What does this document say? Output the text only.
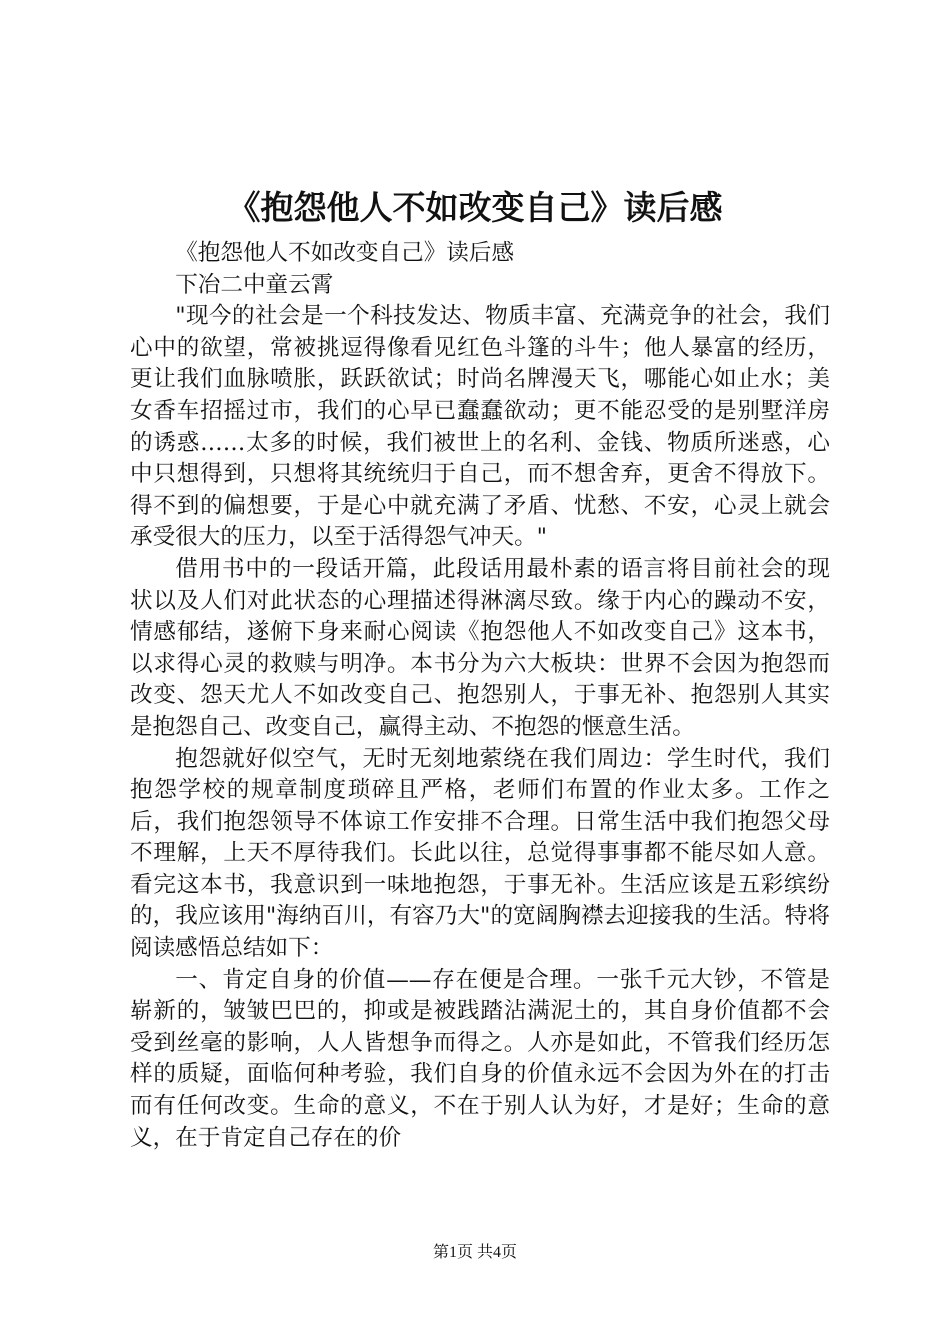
《抱怨他人不如改变自己》读后感

《抱怨他人不如改变自己》读后感

下冶二中童云霄

"现今的社会是一个科技发达、物质丰富、充满竞争的社会，我们心中的欲望，常被挑逗得像看见红色斗篷的斗牛；他人暴富的经历，更让我们血脉喷胀，跃跃欲试；时尚名牌漫天飞，哪能心如止水；美女香车招摇过市，我们的心早已蠢蠢欲动；更不能忍受的是别墅洋房的诱惑……太多的时候，我们被世上的名利、金钱、物质所迷惑，心中只想得到，只想将其统统归于自己，而不想舍弃，更舍不得放下。得不到的偏想要，于是心中就充满了矛盾、忧愁、不安，心灵上就会承受很大的压力，以至于活得怨气冲天。"

借用书中的一段话开篇，此段话用最朴素的语言将目前社会的现状以及人们对此状态的心理描述得淋漓尽致。缘于内心的躁动不安，情感郁结，遂俯下身来耐心阅读《抱怨他人不如改变自己》这本书，以求得心灵的救赎与明净。本书分为六大板块：世界不会因为抱怨而改变、怨天尤人不如改变自己、抱怨别人，于事无补、抱怨别人其实是抱怨自己、改变自己，赢得主动、不抱怨的惬意生活。

抱怨就好似空气，无时无刻地萦绕在我们周边：学生时代，我们抱怨学校的规章制度琐碎且严格，老师们布置的作业太多。工作之后，我们抱怨领导不体谅工作安排不合理。日常生活中我们抱怨父母不理解，上天不厚待我们。长此以往，总觉得事事都不能尽如人意。看完这本书，我意识到一味地抱怨，于事无补。生活应该是五彩缤纷的，我应该用"海纳百川，有容乃大"的宽阔胸襟去迎接我的生活。特将阅读感悟总结如下：

一、肯定自身的价值——存在便是合理。一张千元大钞，不管是崭新的，皱皱巴巴的，抑或是被践踏沾满泥土的，其自身价值都不会受到丝毫的影响，人人皆想争而得之。人亦是如此，不管我们经历怎样的质疑，面临何种考验，我们自身的价值永远不会因为外在的打击而有任何改变。生命的意义，不在于别人认为好，才是好；生命的意义，在于肯定自己存在的价

第1页 共4页
